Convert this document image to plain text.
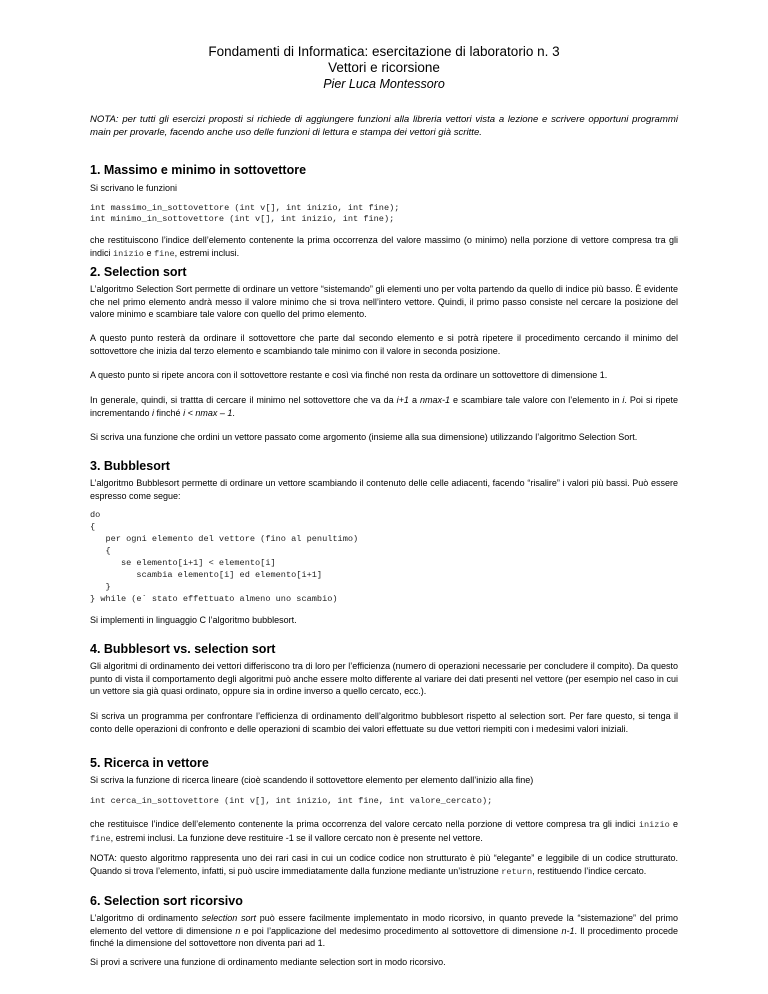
Fondamenti di Informatica: esercitazione di laboratorio n. 3
Vettori e ricorsione
Pier Luca Montessoro

NOTA: per tutti gli esercizi proposti si richiede di aggiungere funzioni alla libreria vettori vista a lezione e scrivere opportuni programmi main per provarle, facendo anche uso delle funzioni di lettura e stampa dei vettori già scritte.

1. Massimo e minimo in sottovettore

Si scrivano le funzioni

int massimo_in_sottovettore (int v[], int inizio, int fine);
int minimo_in_sottovettore (int v[], int inizio, int fine);

che restituiscono l’indice dell’elemento contenente la prima occorrenza del valore massimo (o minimo) nella porzione di vettore compresa tra gli indici inizio e fine, estremi inclusi.

2. Selection sort

L’algoritmo Selection Sort permette di ordinare un vettore “sistemando” gli elementi uno per volta partendo da quello di indice più basso. È evidente che nel primo elemento andrà messo il valore minimo che si trova nell’intero vettore. Quindi, il primo passo consiste nel cercare la posizione del valore minimo e scambiare tale valore con quello del primo elemento.

A questo punto resterà da ordinare il sottovettore che parte dal secondo elemento e si potrà ripetere il procedimento cercando il minimo del sottovettore che inizia dal terzo elemento e scambiando tale minimo con il valore in seconda posizione.

A questo punto si ripete ancora con il sottovettore restante e così via finché non resta da ordinare un sottovettore di dimensione 1.

In generale, quindi, si trattta di cercare il minimo nel sottovettore che va da i+1 a nmax-1 e scambiare tale valore con l’elemento in i. Poi si ripete incrementando i finché i < nmax – 1.

Si scriva una funzione che ordini un vettore passato come argomento (insieme alla sua dimensione) utilizzando l’algoritmo Selection Sort.

3. Bubblesort

L’algoritmo Bubblesort permette di ordinare un vettore scambiando il contenuto delle celle adiacenti, facendo “risalire” i valori più bassi. Può essere espresso come segue:

do
{
per ogni elemento del vettore (fino al penultimo)
{
se elemento[i+1] < elemento[i]
scambia elemento[i] ed elemento[i+1]
}
} while (e` stato effettuato almeno uno scambio)

Si implementi in linguaggio C l’algoritmo bubblesort.

4. Bubblesort vs. selection sort

Gli algoritmi di ordinamento dei vettori differiscono tra di loro per l’efficienza (numero di operazioni necessarie per concludere il compito). Da questo punto di vista il comportamento degli algoritmi può anche essere molto differente al variare dei dati presenti nel vettore (per esempio nel caso in cui un vettore sia già quasi ordinato, oppure sia in ordine inverso a quello cercato, ecc.).

Si scriva un programma per confrontare l’efficienza di ordinamento dell’algoritmo bubblesort rispetto al selection sort. Per fare questo, si tenga il conto delle operazioni di confronto e delle operazioni di scambio dei valori effettuate su due vettori riempiti con i medesimi valori iniziali.

5. Ricerca in vettore

Si scriva la funzione di ricerca lineare (cioè scandendo il sottovettore elemento per elemento dall’inizio alla fine)

int cerca_in_sottovettore (int v[], int inizio, int fine, int valore_cercato);

che restituisce l’indice dell’elemento contenente la prima occorrenza del valore cercato nella porzione di vettore compresa tra gli indici inizio e fine, estremi inclusi. La funzione deve restituire -1 se il vallore cercato non è presente nel vettore.

NOTA: questo algoritmo rappresenta uno dei rari casi in cui un codice codice non strutturato è più “elegante” e leggibile di un codice strutturato. Quando si trova l’elemento, infatti, si può uscire immediatamente dalla funzione mediante un’istruzione return, restituendo l’indice cercato.

6. Selection sort ricorsivo

L’algoritmo di ordinamento selection sort può essere facilmente implementato in modo ricorsivo, in quanto prevede la “sistemazione” del primo elemento del vettore di dimensione n e poi l’applicazione del medesimo procedimento al sottovettore di dimensione n-1. Il procedimento procede finché la dimensione del sottovettore non diventa pari ad 1.

Si provi a scrivere una funzione di ordinamento mediante selection sort in modo ricorsivo.
